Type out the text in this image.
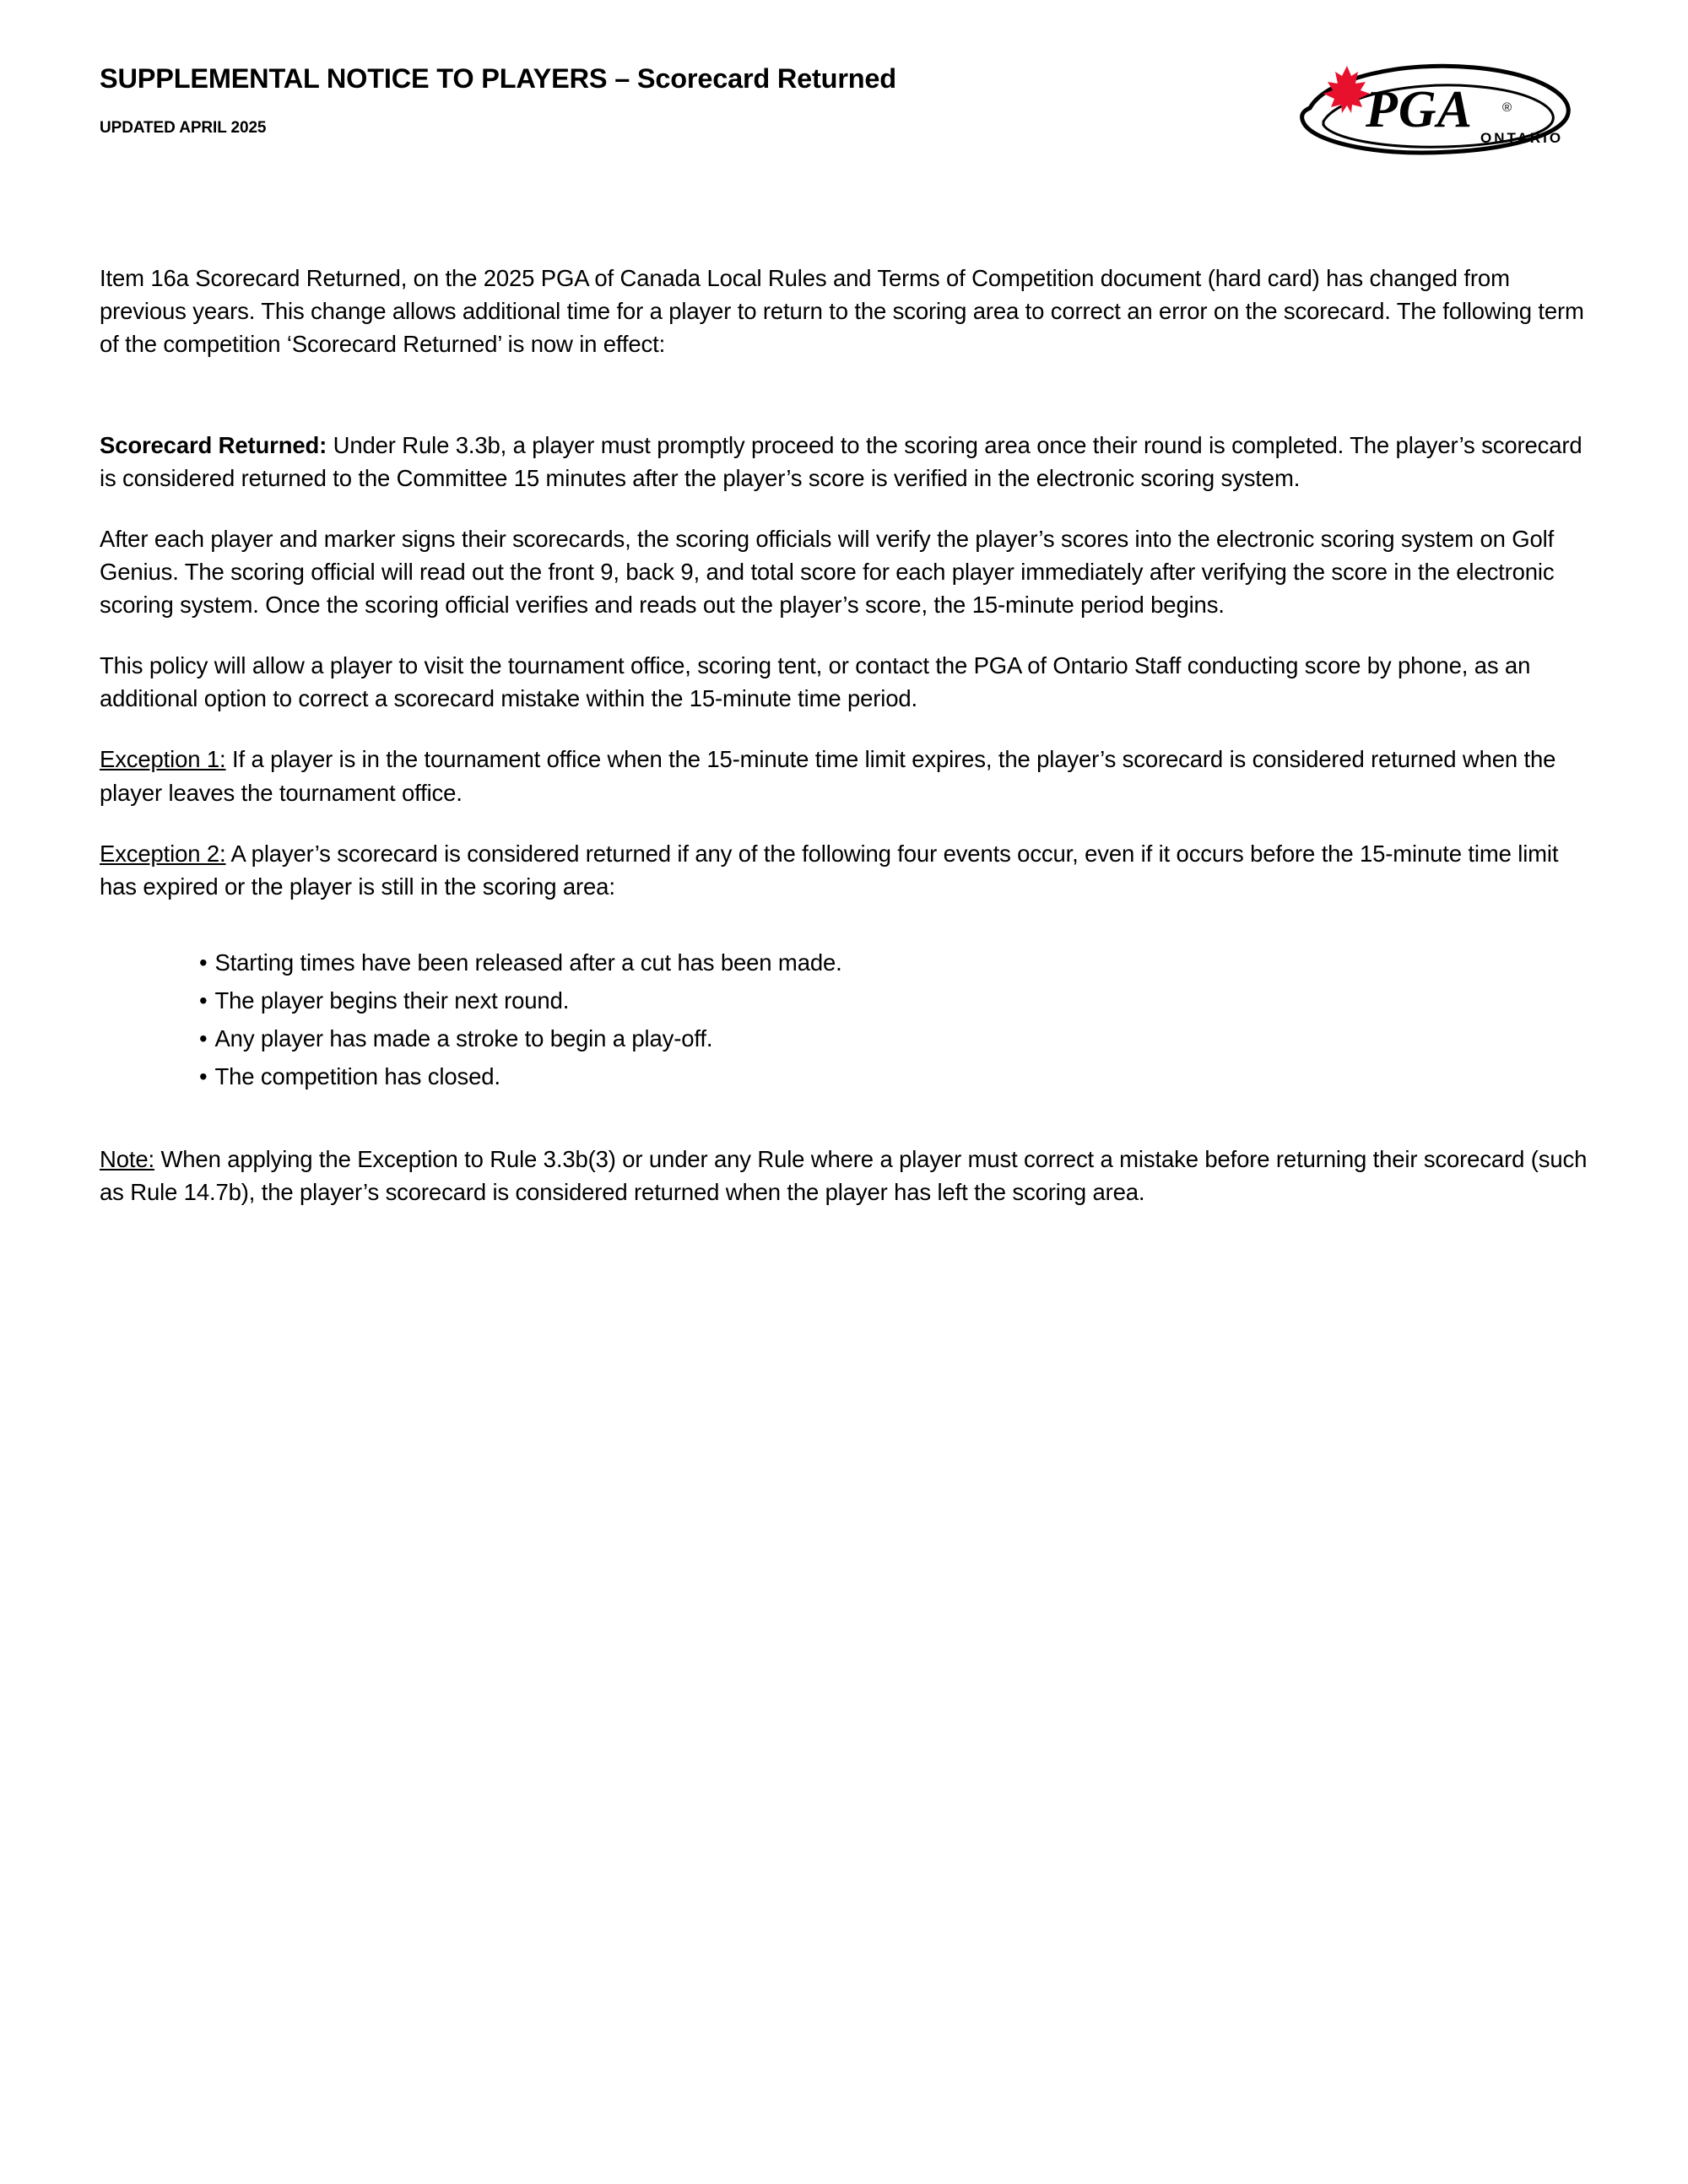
SUPPLEMENTAL NOTICE TO PLAYERS – Scorecard Returned
UPDATED APRIL 2025	PGA ®
ONTARIO

Item 16a Scorecard Returned, on the 2025 PGA of Canada Local Rules and Terms of Competition document (hard card) has changed from previous years. This change allows additional time for a player to return to the scoring area to correct an error on the scorecard. The following term of the competition ‘Scorecard Returned’ is now in effect:

Scorecard Returned: Under Rule 3.3b, a player must promptly proceed to the scoring area once their round is completed. The player’s scorecard is considered returned to the Committee 15 minutes after the player’s score is verified in the electronic scoring system.

After each player and marker signs their scorecards, the scoring officials will verify the player’s scores into the electronic scoring system on Golf Genius. The scoring official will read out the front 9, back 9, and total score for each player immediately after verifying the score in the electronic scoring system. Once the scoring official verifies and reads out the player’s score, the 15-minute period begins.

This policy will allow a player to visit the tournament office, scoring tent, or contact the PGA of Ontario Staff conducting score by phone, as an additional option to correct a scorecard mistake within the 15-minute time period.

Exception 1: If a player is in the tournament office when the 15-minute time limit expires, the player’s scorecard is considered returned when the player leaves the tournament office.

Exception 2: A player’s scorecard is considered returned if any of the following four events occur, even if it occurs before the 15-minute time limit has expired or the player is still in the scoring area:

• Starting times have been released after a cut has been made.
• The player begins their next round.
• Any player has made a stroke to begin a play-off.
• The competition has closed.

Note: When applying the Exception to Rule 3.3b(3) or under any Rule where a player must correct a mistake before returning their scorecard (such as Rule 14.7b), the player’s scorecard is considered returned when the player has left the scoring area.
